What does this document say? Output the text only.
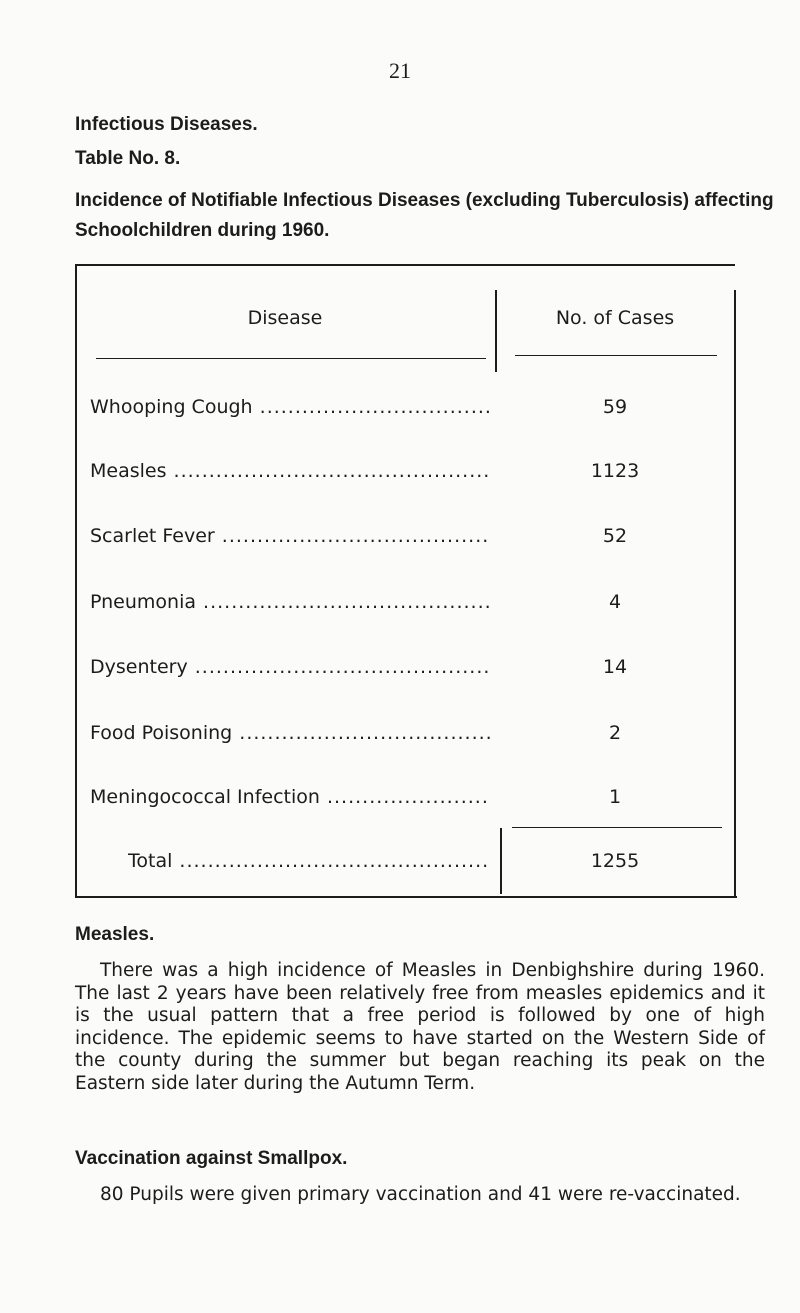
21
Infectious Diseases.
Table No. 8.
Incidence of Notifiable Infectious Diseases (excluding Tuberculosis) affecting Schoolchildren during 1960.
Disease	No. of Cases
Whooping Cough .....	59
Measles .....	1123
Scarlet Fever .....	52
Pneumonia .....	4
Dysentery .....	14
Food Poisoning .....	2
Meningococcal Infection .....	1
Total .....	1255
Measles.
There was a high incidence of Measles in Denbighshire during 1960. The last 2 years have been relatively free from measles epidemics and it is the usual pattern that a free period is followed by one of high incidence. The epidemic seems to have started on the Western Side of the county during the summer but began reaching its peak on the Eastern side later during the Autumn Term.
Vaccination against Smallpox.
80 Pupils were given primary vaccination and 41 were re-vaccinated.
